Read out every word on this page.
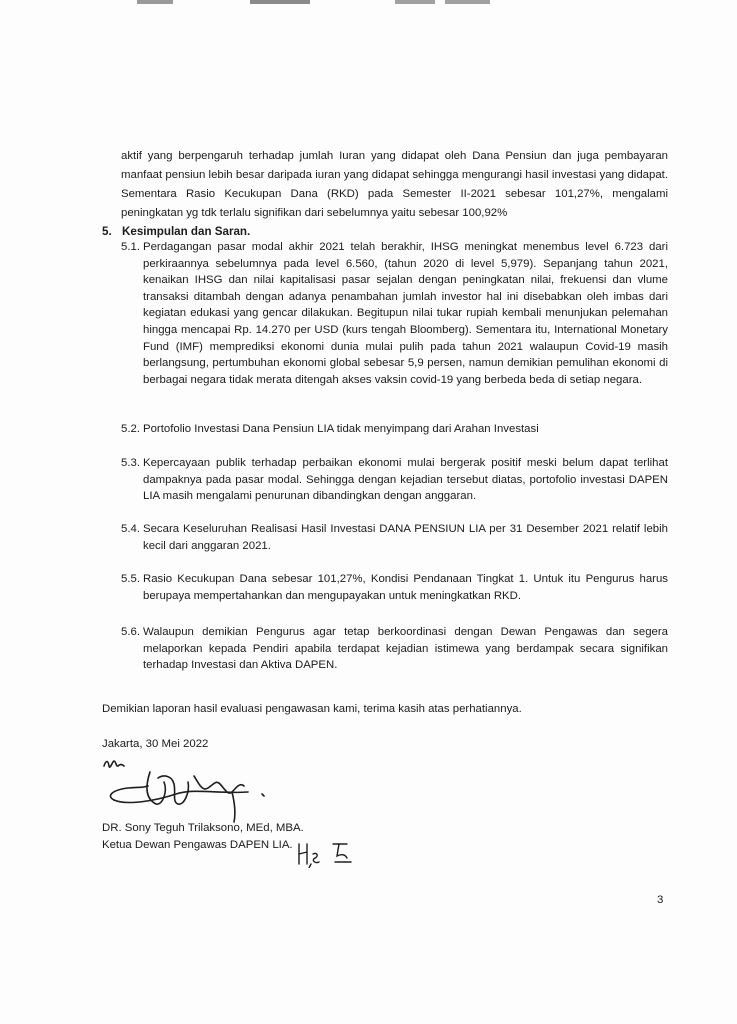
aktif yang berpengaruh terhadap jumlah Iuran yang didapat oleh Dana Pensiun dan juga pembayaran manfaat pensiun lebih besar daripada iuran yang didapat sehingga mengurangi hasil investasi yang didapat. Sementara Rasio Kecukupan Dana (RKD) pada Semester II-2021 sebesar 101,27%, mengalami peningkatan yg tdk terlalu signifikan dari sebelumnya yaitu sebesar 100,92%
5. Kesimpulan dan Saran.
5.1. Perdagangan pasar modal akhir 2021 telah berakhir, IHSG meningkat menembus level 6.723 dari perkiraannya sebelumnya pada level 6.560, (tahun 2020 di level 5,979). Sepanjang tahun 2021, kenaikan IHSG dan nilai kapitalisasi pasar sejalan dengan peningkatan nilai, frekuensi dan vlume transaksi ditambah dengan adanya penambahan jumlah investor hal ini disebabkan oleh imbas dari kegiatan edukasi yang gencar dilakukan. Begitupun nilai tukar rupiah kembali menunjukan pelemahan hingga mencapai Rp. 14.270 per USD (kurs tengah Bloomberg). Sementara itu, International Monetary Fund (IMF) memprediksi ekonomi dunia mulai pulih pada tahun 2021 walaupun Covid-19 masih berlangsung, pertumbuhan ekonomi global sebesar 5,9 persen, namun demikian pemulihan ekonomi di berbagai negara tidak merata ditengah akses vaksin covid-19 yang berbeda beda di setiap negara.
5.2. Portofolio Investasi Dana Pensiun LIA tidak menyimpang dari Arahan Investasi
5.3. Kepercayaan publik terhadap perbaikan ekonomi mulai bergerak positif meski belum dapat terlihat dampaknya pada pasar modal. Sehingga dengan kejadian tersebut diatas, portofolio investasi DAPEN LIA masih mengalami penurunan dibandingkan dengan anggaran.
5.4. Secara Keseluruhan Realisasi Hasil Investasi DANA PENSIUN LIA per 31 Desember 2021 relatif lebih kecil dari anggaran 2021.
5.5. Rasio Kecukupan Dana sebesar 101,27%, Kondisi Pendanaan Tingkat 1. Untuk itu Pengurus harus berupaya mempertahankan dan mengupayakan untuk meningkatkan RKD.
5.6. Walaupun demikian Pengurus agar tetap berkoordinasi dengan Dewan Pengawas dan segera melaporkan kepada Pendiri apabila terdapat kejadian istimewa yang berdampak secara signifikan terhadap Investasi dan Aktiva DAPEN.
Demikian laporan hasil evaluasi pengawasan kami, terima kasih atas perhatiannya.
Jakarta, 30 Mei 2022
DR. Sony Teguh Trilaksono, MEd, MBA.
Ketua Dewan Pengawas DAPEN LIA.
3
